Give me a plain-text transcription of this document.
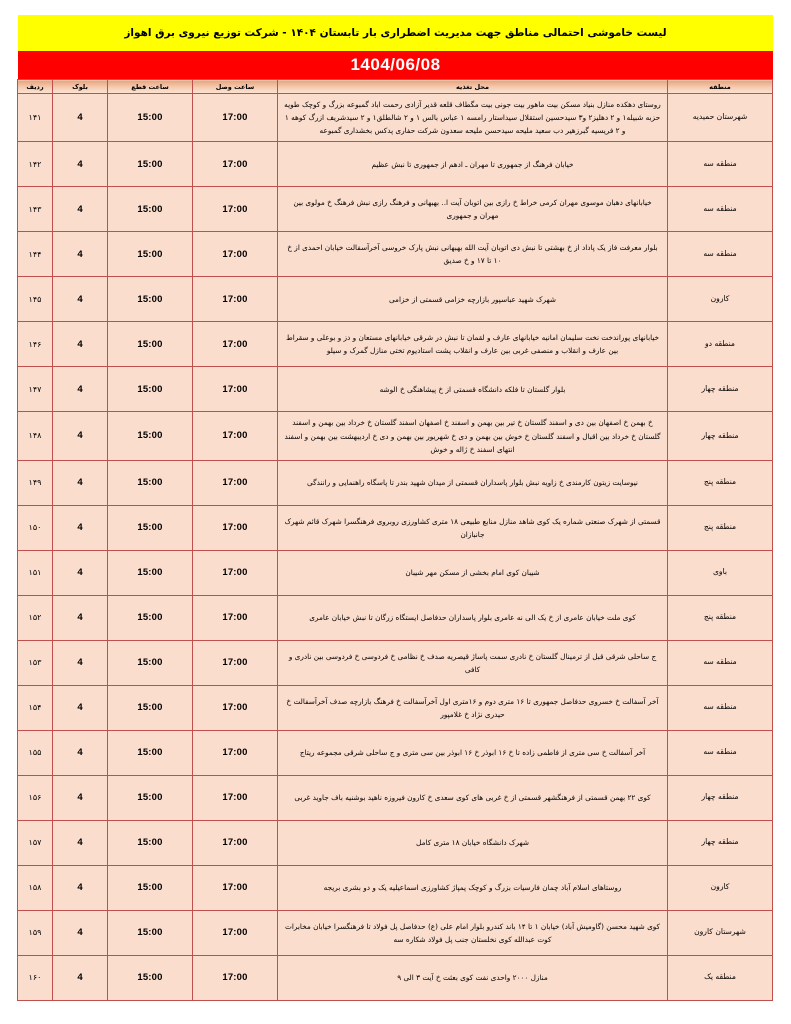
لیست خاموشی احتمالی مناطق جهت مدیریت اضطراری بار تابستان ۱۴۰۴ - شرکت توزیع نیروی برق اهواز
1404/06/08
منطقه	محل تغذیه	ساعت وصل	ساعت قطع	بلوک	ردیف
شهرستان حمیدیه	روستای دهکده منازل بنیاد مسکن بیت ماهور بیت جونی بیت مگطاف قلعه قدیر آزادی رحمت اباد گمبوعه بزرگ و کوچک طویه حزبه شبیله۱ و ۲ دهلیز۲ و۳ سیدحسین استقلال سیداستار رامسه ۱ عباس بالس ۱ و ۲ شالطلق۱ و ۲ سیدشریف ازرگ کوهه ۱ و ۲ فریسیه گبرزهیر دب سعید ملیحه سیدحسن ملیحه سعدون شرکت حفاری پدکس بخشداری گمبوعه	17:00	15:00	4	۱۴۱
منطقه سه	خیابان فرهنگ از جمهوری تا مهران ـ ادهم از جمهوری تا نبش عظیم	17:00	15:00	4	۱۴۲
منطقه سه	خیابانهای دهبان موسوی مهران کرمی خراط خ رازی بین اتوبان آیت ا.. بهبهانی و فرهنگ رازی نبش فرهنگ خ مولوی بین مهران و جمهوری	17:00	15:00	4	۱۴۳
منطقه سه	بلوار معرفت فاز یک پاداد از خ بهشتی تا نبش دی اتوبان آیت الله بهبهانی نبش پارک خروسی آخرآسفالت خیابان احمدی از خ ۱۰ تا ۱۷ و خ صدیق	17:00	15:00	4	۱۴۴
کارون	شهرک شهید عباسپور بازارچه خزامی قسمتی از خزامی	17:00	15:00	4	۱۴۵
منطقه دو	خیابانهای پوراندخت نخت سلیمان امانیه خیابانهای عارف و لقمان تا نبش در شرقی خیابانهای مستعان و دز و بوعلی و سقراط بین عارف و انقلاب و منصفی غربی بین عارف و انقلاب پشت استادیوم تختی منازل گمرک و سیلو	17:00	15:00	4	۱۴۶
منطقه چهار	بلوار گلستان تا فلکه دانشگاه قسمتی از خ پیشاهنگی خ الوشه	17:00	15:00	4	۱۴۷
منطقه چهار	خ بهمن خ اصفهان بین دی و اسفند گلستان خ تیر بین بهمن و اسفند خ اصفهان اسفند گلستان خ خرداد بین بهمن و اسفند گلستان خ خرداد بین اقبال و اسفند گلستان خ خوش بین بهمن و دی خ شهریور بین بهمن و دی خ اردیبهشت بین بهمن و اسفند انتهای اسفند خ ژاله و خوش	17:00	15:00	4	۱۴۸
منطقه پنج	نیوسایت زیتون کارمندی خ زاویه نبش بلوار پاسداران قسمتی از میدان شهید بندر تا پاسگاه راهنمایی و رانندگی	17:00	15:00	4	۱۴۹
منطقه پنج	قسمتی از شهرک صنعتی شماره یک کوی شاهد منازل منابع طبیعی ۱۸ متری کشاورزی روبروی فرهنگسرا شهرک قائم شهرک جانبازان	17:00	15:00	4	۱۵۰
باوی	شیبان کوی امام بخشی از مسکن مهر شیبان	17:00	15:00	4	۱۵۱
منطقه پنج	کوی ملت خیابان عامری از خ یک الی نه عامری بلوار پاسداران حدفاصل ایستگاه زرگان تا نبش خیابان عامری	17:00	15:00	4	۱۵۲
منطقه سه	ج ساحلی شرقی قبل از ترمینال گلستان خ نادری سمت پاساژ قیصریه صدف خ نظامی خ فردوسی خ فردوسی بین نادری و کافی	17:00	15:00	4	۱۵۳
منطقه سه	آخر آسفالت خ خسروی حدفاصل جمهوری تا ۱۶ متری دوم و ۱۶متری اول آخرآسفالت خ فرهنگ بازارچه صدف آخرآسفالت خ حیدری نژاد خ غلامپور	17:00	15:00	4	۱۵۴
منطقه سه	آخر آسفالت خ سی متری از فاطمی زاده تا خ ۱۶ ابوذر خ ۱۶ ابوذر بین سی متری و ج ساحلی شرقی مجموعه ریتاج	17:00	15:00	4	۱۵۵
منطقه چهار	کوی ۲۲ بهمن قسمتی از فرهنگشهر قسمتی از خ غربی های کوی سعدی خ کارون فیروزه ناهید بوشنیه باف جاوید غربی	17:00	15:00	4	۱۵۶
منطقه چهار	شهرک دانشگاه خیابان ۱۸ متری کامل	17:00	15:00	4	۱۵۷
کارون	روستاهای اسلام آباد چمان فارسیات بزرگ و کوچک پمپاژ کشاورزی اسماعیلیه یک و دو بشری بریجه	17:00	15:00	4	۱۵۸
شهرستان کارون	کوی شهید محسن (گاومیش آباد) خیابان ۱ تا ۱۴ باند کندرو بلوار امام علی (ع) حدفاصل پل فولاد تا فرهنگسرا خیابان مخابرات کوت عبدالله کوی نخلستان جنب پل فولاد شکاره سه	17:00	15:00	4	۱۵۹
منطقه یک	منازل ۲۰۰۰ واحدی نفت کوی بعثت خ آیت ۳ الی ۹	17:00	15:00	4	۱۶۰
